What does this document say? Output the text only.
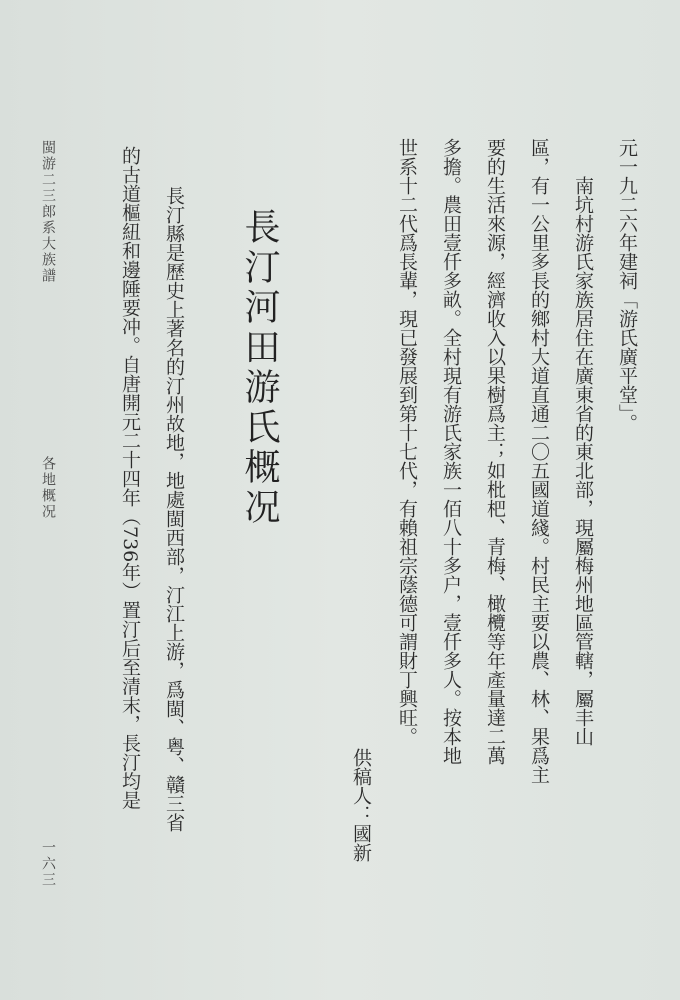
元一九二六年建祠「游氏廣平堂」。
南坑村游氏家族居住在廣東省的東北部，現屬梅州地區管轄，屬丰山
區，有一公里多長的鄉村大道直通二〇五國道綫。村民主要以農、林、果爲主
要的生活來源，經濟收入以果樹爲主；如枇杷、青梅、橄欖等年產量達二萬
多擔。農田壹仟多畝。全村現有游氏家族一佰八十多户，壹仟多人。按本地
世系十二代爲長輩，現已發展到第十七代，有賴祖宗蔭德可謂財丁興旺。
供稿人：國新
長汀河田游氏概况
長汀縣是歷史上著名的汀州故地，地處閩西部，汀江上游，爲閩、粤、贛三省
的古道樞紐和邊陲要冲。自唐開元二十四年（736年）置汀后至清末，長汀均是
閩游二三郎系大族譜
各地概况
一六三
